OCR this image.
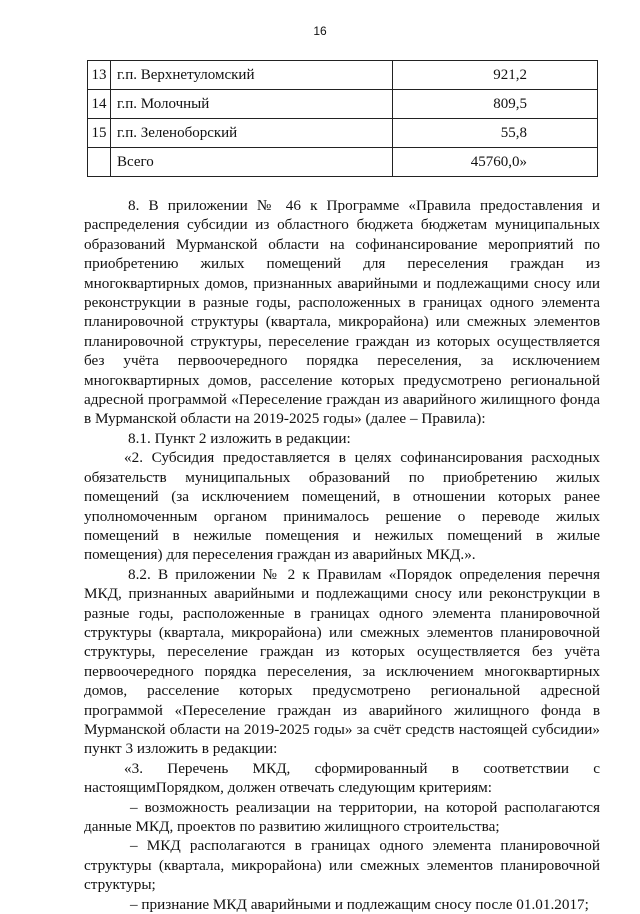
16
13	г.п. Верхнетуломский	921,2
14	г.п. Молочный	809,5
15	г.п. Зеленоборский	55,8
	Всего	45760,0»

8. В приложении № 46 к Программе «Правила предоставления и распределения субсидии из областного бюджета бюджетам муниципальных образований Мурманской области на софинансирование мероприятий по приобретению жилых помещений для переселения граждан из многоквартирных домов, признанных аварийными и подлежащими сносу или реконструкции в разные годы, расположенных в границах одного элемента планировочной структуры (квартала, микрорайона) или смежных элементов планировочной структуры, переселение граждан из которых осуществляется без учёта первоочередного порядка переселения, за исключением многоквартирных домов, расселение которых предусмотрено региональной адресной программой «Переселение граждан из аварийного жилищного фонда в Мурманской области на 2019-2025 годы» (далее – Правила):

8.1. Пункт 2 изложить в редакции:

«2. Субсидия предоставляется в целях софинансирования расходных обязательств муниципальных образований по приобретению жилых помещений (за исключением помещений, в отношении которых ранее уполномоченным органом принималось решение о переводе жилых помещений в нежилые помещения и нежилых помещений в жилые помещения) для переселения граждан из аварийных МКД.».

8.2. В приложении № 2 к Правилам «Порядок определения перечня МКД, признанных аварийными и подлежащими сносу или реконструкции в разные годы, расположенные в границах одного элемента планировочной структуры (квартала, микрорайона) или смежных элементов планировочной структуры, переселение граждан из которых осуществляется без учёта первоочередного порядка переселения, за исключением многоквартирных домов, расселение которых предусмотрено региональной адресной программой «Переселение граждан из аварийного жилищного фонда в Мурманской области на 2019-2025 годы» за счёт средств настоящей субсидии» пункт 3 изложить в редакции:

«3. Перечень МКД, сформированный в соответствии с настоящимПорядком, должен отвечать следующим критериям:

– возможность реализации на территории, на которой располагаются данные МКД, проектов по развитию жилищного строительства;

– МКД располагаются в границах одного элемента планировочной структуры (квартала, микрорайона) или смежных элементов планировочной структуры;

– признание МКД аварийными и подлежащим сносу после 01.01.2017;
